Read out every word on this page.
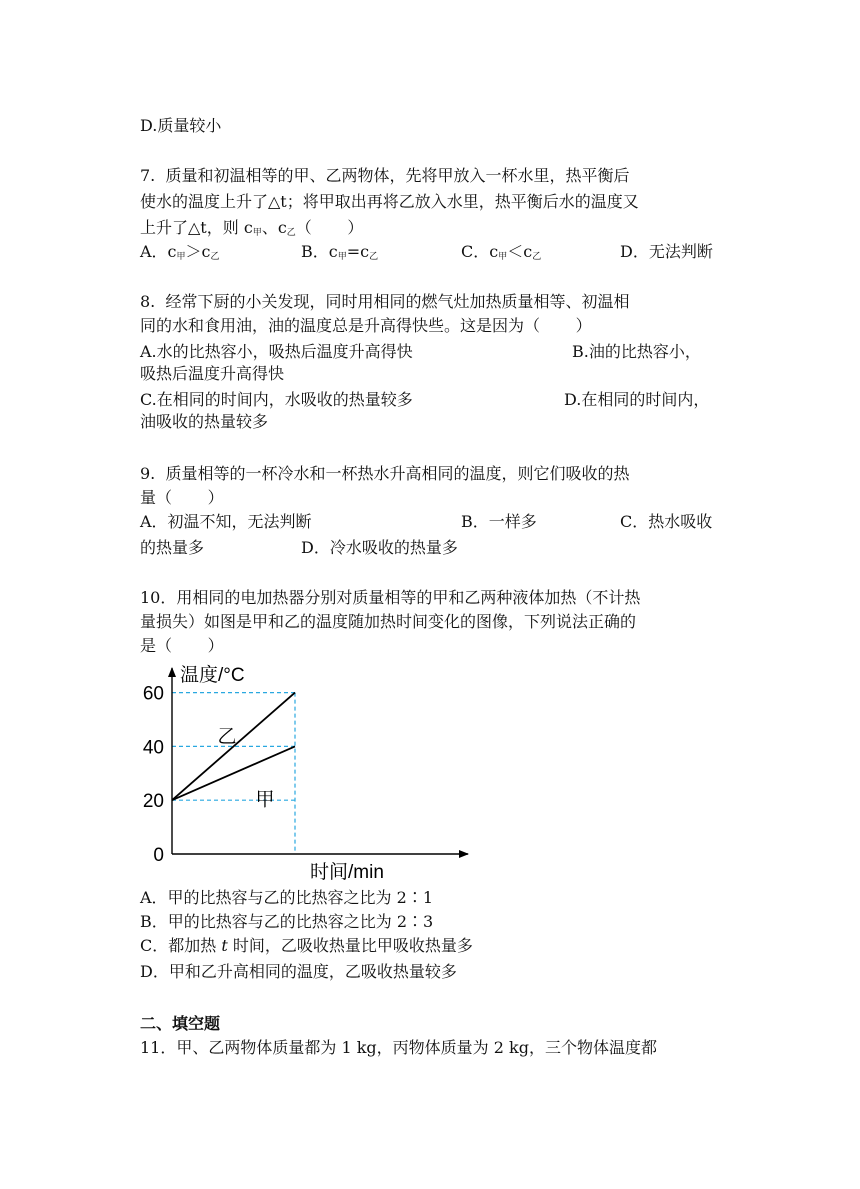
D.质量较小
7.  质量和初温相等的甲、乙两物体，先将甲放入一杯水里，热平衡后
使水的温度上升了△t；将甲取出再将乙放入水里，热平衡后水的温度又
上升了△t，则 $c_甲$、$c_乙$（       ）
A．$c_甲>c_乙$	B．$c_甲=c_乙$	C．$c_甲<c_乙$	D．无法判断
8.  经常下厨的小关发现，同时用相同的燃气灶加热质量相等、初温相
同的水和食用油，油的温度总是升高得快些。这是因为（       ）
A.水的比热容小，吸热后温度升高得快	B.油的比热容小，
吸热后温度升高得快
C.在相同的时间内，水吸收的热量较多	D.在相同的时间内，
油吸收的热量较多
9.  质量相等的一杯冷水和一杯热水升高相同的温度，则它们吸收的热
量（       ）
A．初温不知，无法判断	B．一样多	C．热水吸收
的热量多	D．冷水吸收的热量多
10．用相同的电加热器分别对质量相等的甲和乙两种液体加热（不计热
量损失）如图是甲和乙的温度随加热时间变化的图像，下列说法正确的
是（       ）
0
20
40
60
乙
甲
温度/°C
时间/min
A．甲的比热容与乙的比热容之比为 2∶1
B．甲的比热容与乙的比热容之比为 2∶3
C．都加热 t 时间，乙吸收热量比甲吸收热量多
D．甲和乙升高相同的温度，乙吸收热量较多
二、填空题
11．甲、乙两物体质量都为 1 kg，丙物体质量为 2 kg，三个物体温度都
